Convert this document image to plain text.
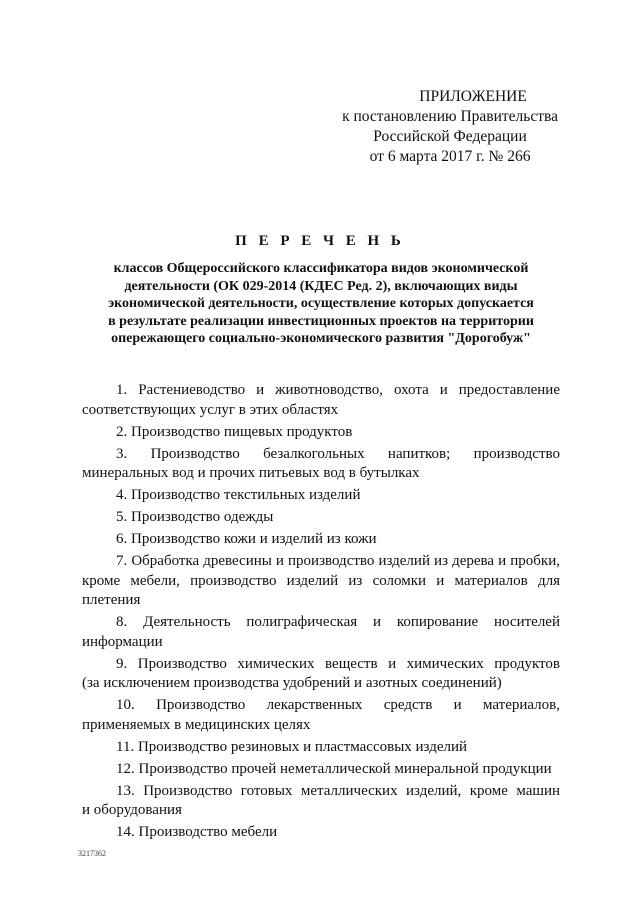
ПРИЛОЖЕНИЕ
к постановлению Правительства
Российской Федерации
от 6 марта 2017 г. № 266
П Е Р Е Ч Е Н Ь
классов Общероссийского классификатора видов экономической
деятельности (ОК 029-2014 (КДЕС Ред. 2), включающих виды
экономической деятельности, осуществление которых допускается
в результате реализации инвестиционных проектов на территории
опережающего социально-экономического развития "Дорогобуж"
1. Растениеводство и животноводство, охота и предоставление
соответствующих услуг в этих областях
2. Производство пищевых продуктов
3. Производство безалкогольных напитков; производство
минеральных вод и прочих питьевых вод в бутылках
4. Производство текстильных изделий
5. Производство одежды
6. Производство кожи и изделий из кожи
7. Обработка древесины и производство изделий из дерева и пробки,
кроме мебели, производство изделий из соломки и материалов для
плетения
8. Деятельность полиграфическая и копирование носителей
информации
9. Производство химических веществ и химических продуктов
(за исключением производства удобрений и азотных соединений)
10. Производство лекарственных средств и материалов,
применяемых в медицинских целях
11. Производство резиновых и пластмассовых изделий
12. Производство прочей неметаллической минеральной продукции
13. Производство готовых металлических изделий, кроме машин
и оборудования
14. Производство мебели
3217362
